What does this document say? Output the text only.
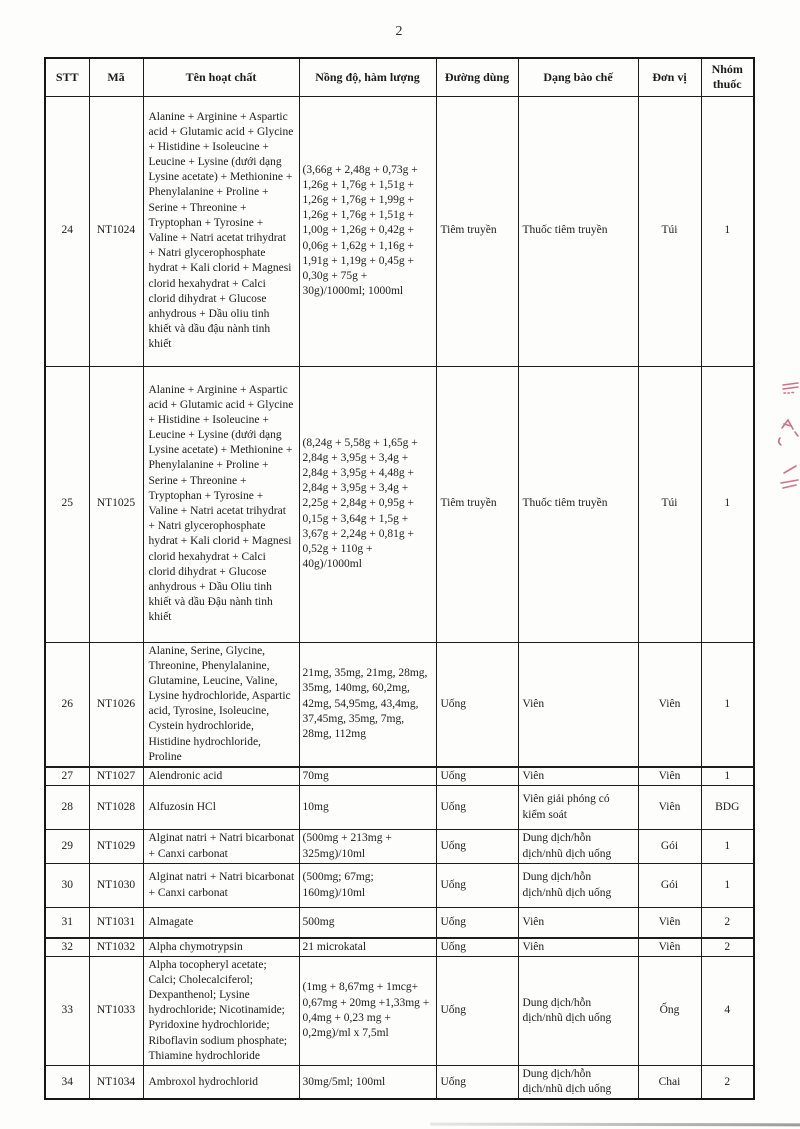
2
STT	Mã	Tên hoạt chất	Nồng độ, hàm lượng	Đường dùng	Dạng bào chế	Đơn vị	Nhóm thuốc
24	NT1024	Alanine + Arginine + Aspartic acid + Glutamic acid + Glycine + Histidine + Isoleucine + Leucine + Lysine (dưới dạng Lysine acetate) + Methionine + Phenylalanine + Proline + Serine + Threonine + Tryptophan + Tyrosine + Valine + Natri acetat trihydrat + Natri glycerophosphate hydrat + Kali clorid + Magnesi clorid hexahydrat + Calci clorid dihydrat + Glucose anhydrous + Dầu oliu tinh khiết và dầu đậu nành tinh khiết	(3,66g + 2,48g + 0,73g + 1,26g + 1,76g + 1,51g + 1,26g + 1,76g + 1,99g + 1,26g + 1,76g + 1,51g + 1,00g + 1,26g + 0,42g + 0,06g + 1,62g + 1,16g + 1,91g + 1,19g + 0,45g + 0,30g + 75g + 30g)/1000ml; 1000ml	Tiêm truyền	Thuốc tiêm truyền	Túi	1
25	NT1025	Alanine + Arginine + Aspartic acid + Glutamic acid + Glycine + Histidine + Isoleucine + Leucine + Lysine (dưới dạng Lysine acetate) + Methionine + Phenylalanine + Proline + Serine + Threonine + Tryptophan + Tyrosine + Valine + Natri acetat trihydrat + Natri glycerophosphate hydrat + Kali clorid + Magnesi clorid hexahydrat + Calci clorid dihydrat + Glucose anhydrous + Dầu Oliu tinh khiết và dầu Đậu nành tinh khiết	(8,24g + 5,58g + 1,65g + 2,84g + 3,95g + 3,4g + 2,84g + 3,95g + 4,48g + 2,84g + 3,95g + 3,4g + 2,25g + 2,84g + 0,95g + 0,15g + 3,64g + 1,5g + 3,67g + 2,24g + 0,81g + 0,52g + 110g + 40g)/1000ml	Tiêm truyền	Thuốc tiêm truyền	Túi	1
26	NT1026	Alanine, Serine, Glycine, Threonine, Phenylalanine, Glutamine, Leucine, Valine, Lysine hydrochloride, Aspartic acid, Tyrosine, Isoleucine, Cystein hydrochloride, Histidine hydrochloride, Proline	21mg, 35mg, 21mg, 28mg, 35mg, 140mg, 60,2mg, 42mg, 54,95mg, 43,4mg, 37,45mg, 35mg, 7mg, 28mg, 112mg	Uống	Viên	Viên	1
27	NT1027	Alendronic acid	70mg	Uống	Viên	Viên	1
28	NT1028	Alfuzosin HCl	10mg	Uống	Viên giải phóng có kiểm soát	Viên	BDG
29	NT1029	Alginat natri + Natri bicarbonat + Canxi carbonat	(500mg + 213mg + 325mg)/10ml	Uống	Dung dịch/hỗn dịch/nhũ dịch uống	Gói	1
30	NT1030	Alginat natri + Natri bicarbonat + Canxi carbonat	(500mg; 67mg; 160mg)/10ml	Uống	Dung dịch/hỗn dịch/nhũ dịch uống	Gói	1
31	NT1031	Almagate	500mg	Uống	Viên	Viên	2
32	NT1032	Alpha chymotrypsin	21 microkatal	Uống	Viên	Viên	2
33	NT1033	Alpha tocopheryl acetate; Calci; Cholecalciferol; Dexpanthenol; Lysine hydrochloride; Nicotinamide; Pyridoxine hydrochloride; Riboflavin sodium phosphate; Thiamine hydrochloride	(1mg + 8,67mg + 1mcg+ 0,67mg + 20mg +1,33mg + 0,4mg + 0,23 mg + 0,2mg)/ml x 7,5ml	Uống	Dung dịch/hỗn dịch/nhũ dịch uống	Ống	4
34	NT1034	Ambroxol hydrochlorid	30mg/5ml; 100ml	Uống	Dung dịch/hỗn dịch/nhũ dịch uống	Chai	2
